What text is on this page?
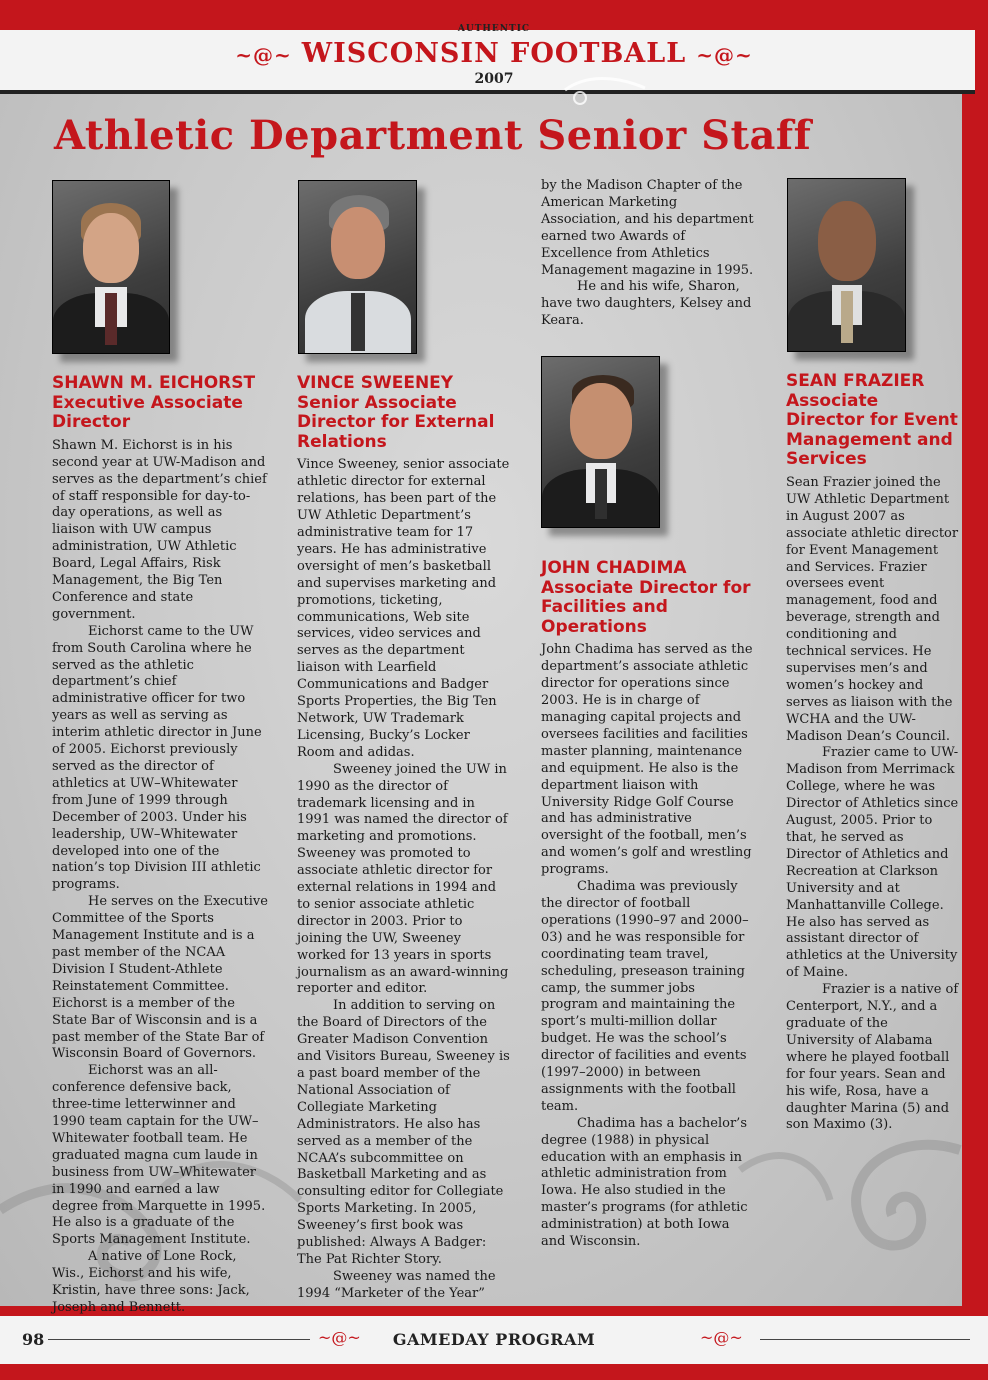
AUTHENTIC
~@~ WISCONSIN FOOTBALL ~@~
2007
Athletic Department Senior Staff
SHAWN M. EICHORST
Executive Associate Director

Shawn M. Eichorst is in his second year at UW-Madison and serves as the department’s chief of staff responsible for day-to-day operations, as well as liaison with UW campus administration, UW Athletic Board, Legal Affairs, Risk Management, the Big Ten Conference and state government.

Eichorst came to the UW from South Carolina where he served as the athletic department’s chief administrative officer for two years as well as serving as interim athletic director in June of 2005. Eichorst previously served as the director of athletics at UW–Whitewater from June of 1999 through December of 2003. Under his leadership, UW–Whitewater developed into one of the nation’s top Division III athletic programs.

He serves on the Executive Committee of the Sports Management Institute and is a past member of the NCAA Division I Student-Athlete Reinstatement Committee. Eichorst is a member of the State Bar of Wisconsin and is a past member of the State Bar of Wisconsin Board of Governors.

Eichorst was an all-conference defensive back, three-time letterwinner and 1990 team captain for the UW–Whitewater football team. He graduated magna cum laude in business from UW–Whitewater in 1990 and earned a law degree from Marquette in 1995. He also is a graduate of the Sports Management Institute.

A native of Lone Rock, Wis., Eichorst and his wife, Kristin, have three sons: Jack, Joseph and Bennett.

VINCE SWEENEY
Senior Associate Director for External Relations

Vince Sweeney, senior associate athletic director for external relations, has been part of the UW Athletic Department’s administrative team for 17 years. He has administrative oversight of men’s basketball and supervises marketing and promotions, ticketing, communications, Web site services, video services and serves as the department liaison with Learfield Communications and Badger Sports Properties, the Big Ten Network, UW Trademark Licensing, Bucky’s Locker Room and adidas.

Sweeney joined the UW in 1990 as the director of trademark licensing and in 1991 was named the director of marketing and promotions. Sweeney was promoted to associate athletic director for external relations in 1994 and to senior associate athletic director in 2003. Prior to joining the UW, Sweeney worked for 13 years in sports journalism as an award-winning reporter and editor.

In addition to serving on the Board of Directors of the Greater Madison Convention and Visitors Bureau, Sweeney is a past board member of the National Association of Collegiate Marketing Administrators. He also has served as a member of the NCAA’s subcommittee on Basketball Marketing and as consulting editor for Collegiate Sports Marketing. In 2005, Sweeney’s first book was published: Always A Badger: The Pat Richter Story.

Sweeney was named the 1994 “Marketer of the Year”

by the Madison Chapter of the American Marketing Association, and his department earned two Awards of Excellence from Athletics Management magazine in 1995.

He and his wife, Sharon, have two daughters, Kelsey and Keara.

JOHN CHADIMA
Associate Director for Facilities and Operations

John Chadima has served as the department’s associate athletic director for operations since 2003. He is in charge of managing capital projects and oversees facilities and facilities master planning, maintenance and equipment. He also is the department liaison with University Ridge Golf Course and has administrative oversight of the football, men’s and women’s golf and wrestling programs.

Chadima was previously the director of football operations (1990–97 and 2000–03) and he was responsible for coordinating team travel, scheduling, preseason training camp, the summer jobs program and maintaining the sport’s multi-million dollar budget. He was the school’s director of facilities and events (1997–2000) in between assignments with the football team.

Chadima has a bachelor’s degree (1988) in physical education with an emphasis in athletic administration from Iowa. He also studied in the master’s programs (for athletic administration) at both Iowa and Wisconsin.

SEAN FRAZIER
Associate Director for Event Management and Services

Sean Frazier joined the UW Athletic Department in August 2007 as associate athletic director for Event Management and Services. Frazier oversees event management, food and beverage, strength and conditioning and technical services. He supervises men’s and women’s hockey and serves as liaison with the WCHA and the UW-Madison Dean’s Council.

Frazier came to UW-Madison from Merrimack College, where he was Director of Athletics since August, 2005. Prior to that, he served as Director of Athletics and Recreation at Clarkson University and at Manhattanville College. He also has served as assistant director of athletics at the University of Maine.

Frazier is a native of Centerport, N.Y., and a graduate of the University of Alabama where he played football for four years. Sean and his wife, Rosa, have a daughter Marina (5) and son Maximo (3).

~@~	~@~
98	GAMEDAY PROGRAM
